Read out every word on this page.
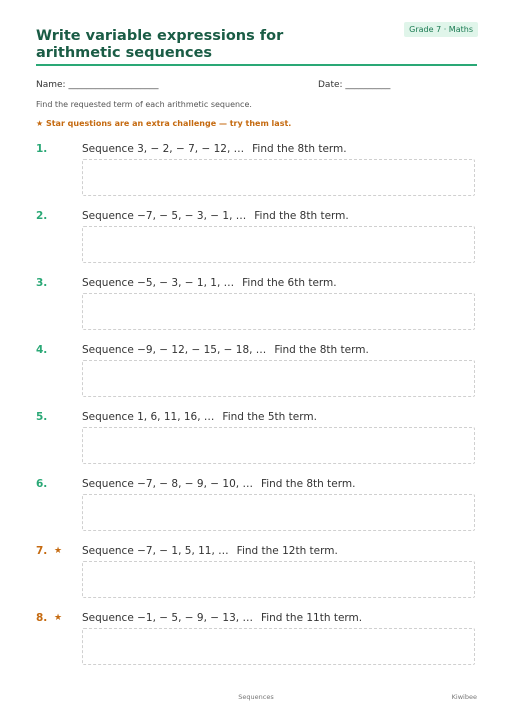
Write variable expressions for arithmetic sequences
Grade 7 · Maths
Name: ____________________	Date: __________
Find the requested term of each arithmetic sequence.
★ Star questions are an extra challenge — try them last.
1.	Sequence 3, − 2, − 7, − 12, … Find the 8th term.
2.	Sequence −7, − 5, − 3, − 1, … Find the 8th term.
3.	Sequence −5, − 3, − 1, 1, … Find the 6th term.
4.	Sequence −9, − 12, − 15, − 18, … Find the 8th term.
5.	Sequence 1, 6, 11, 16, … Find the 5th term.
6.	Sequence −7, − 8, − 9, − 10, … Find the 8th term.
7. ★ Sequence −7, − 1, 5, 11, … Find the 12th term.
8. ★ Sequence −1, − 5, − 9, − 13, … Find the 11th term.
Sequences	Kiwibee
